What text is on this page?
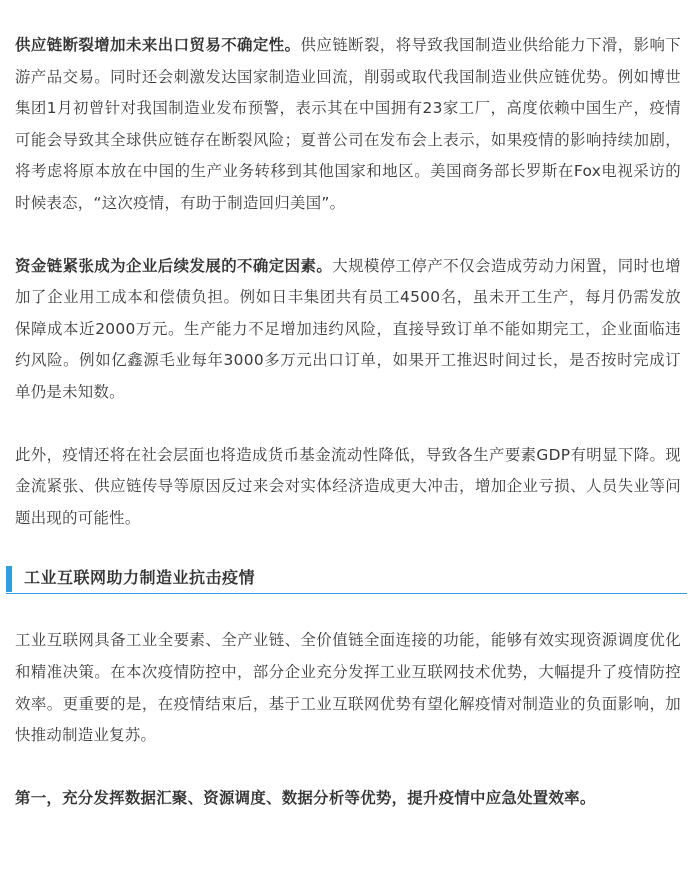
供应链断裂增加未来出口贸易不确定性。供应链断裂，将导致我国制造业供给能力下滑，影响下游产品交易。同时还会刺激发达国家制造业回流，削弱或取代我国制造业供应链优势。例如博世集团1月初曾针对我国制造业发布预警，表示其在中国拥有23家工厂，高度依赖中国生产，疫情可能会导致其全球供应链存在断裂风险；夏普公司在发布会上表示，如果疫情的影响持续加剧，将考虑将原本放在中国的生产业务转移到其他国家和地区。美国商务部长罗斯在Fox电视采访的时候表态，“这次疫情，有助于制造回归美国”。

资金链紧张成为企业后续发展的不确定因素。大规模停工停产不仅会造成劳动力闲置，同时也增加了企业用工成本和偿债负担。例如日丰集团共有员工4500名，虽未开工生产，每月仍需发放保障成本近2000万元。生产能力不足增加违约风险，直接导致订单不能如期完工，企业面临违约风险。例如亿鑫源毛业每年3000多万元出口订单，如果开工推迟时间过长，是否按时完成订单仍是未知数。

此外，疫情还将在社会层面也将造成货币基金流动性降低，导致各生产要素GDP有明显下降。现金流紧张、供应链传导等原因反过来会对实体经济造成更大冲击，增加企业亏损、人员失业等问题出现的可能性。

工业互联网助力制造业抗击疫情

工业互联网具备工业全要素、全产业链、全价值链全面连接的功能，能够有效实现资源调度优化和精准决策。在本次疫情防控中，部分企业充分发挥工业互联网技术优势，大幅提升了疫情防控效率。更重要的是，在疫情结束后，基于工业互联网优势有望化解疫情对制造业的负面影响，加快推动制造业复苏。

第一，充分发挥数据汇聚、资源调度、数据分析等优势，提升疫情中应急处置效率。
